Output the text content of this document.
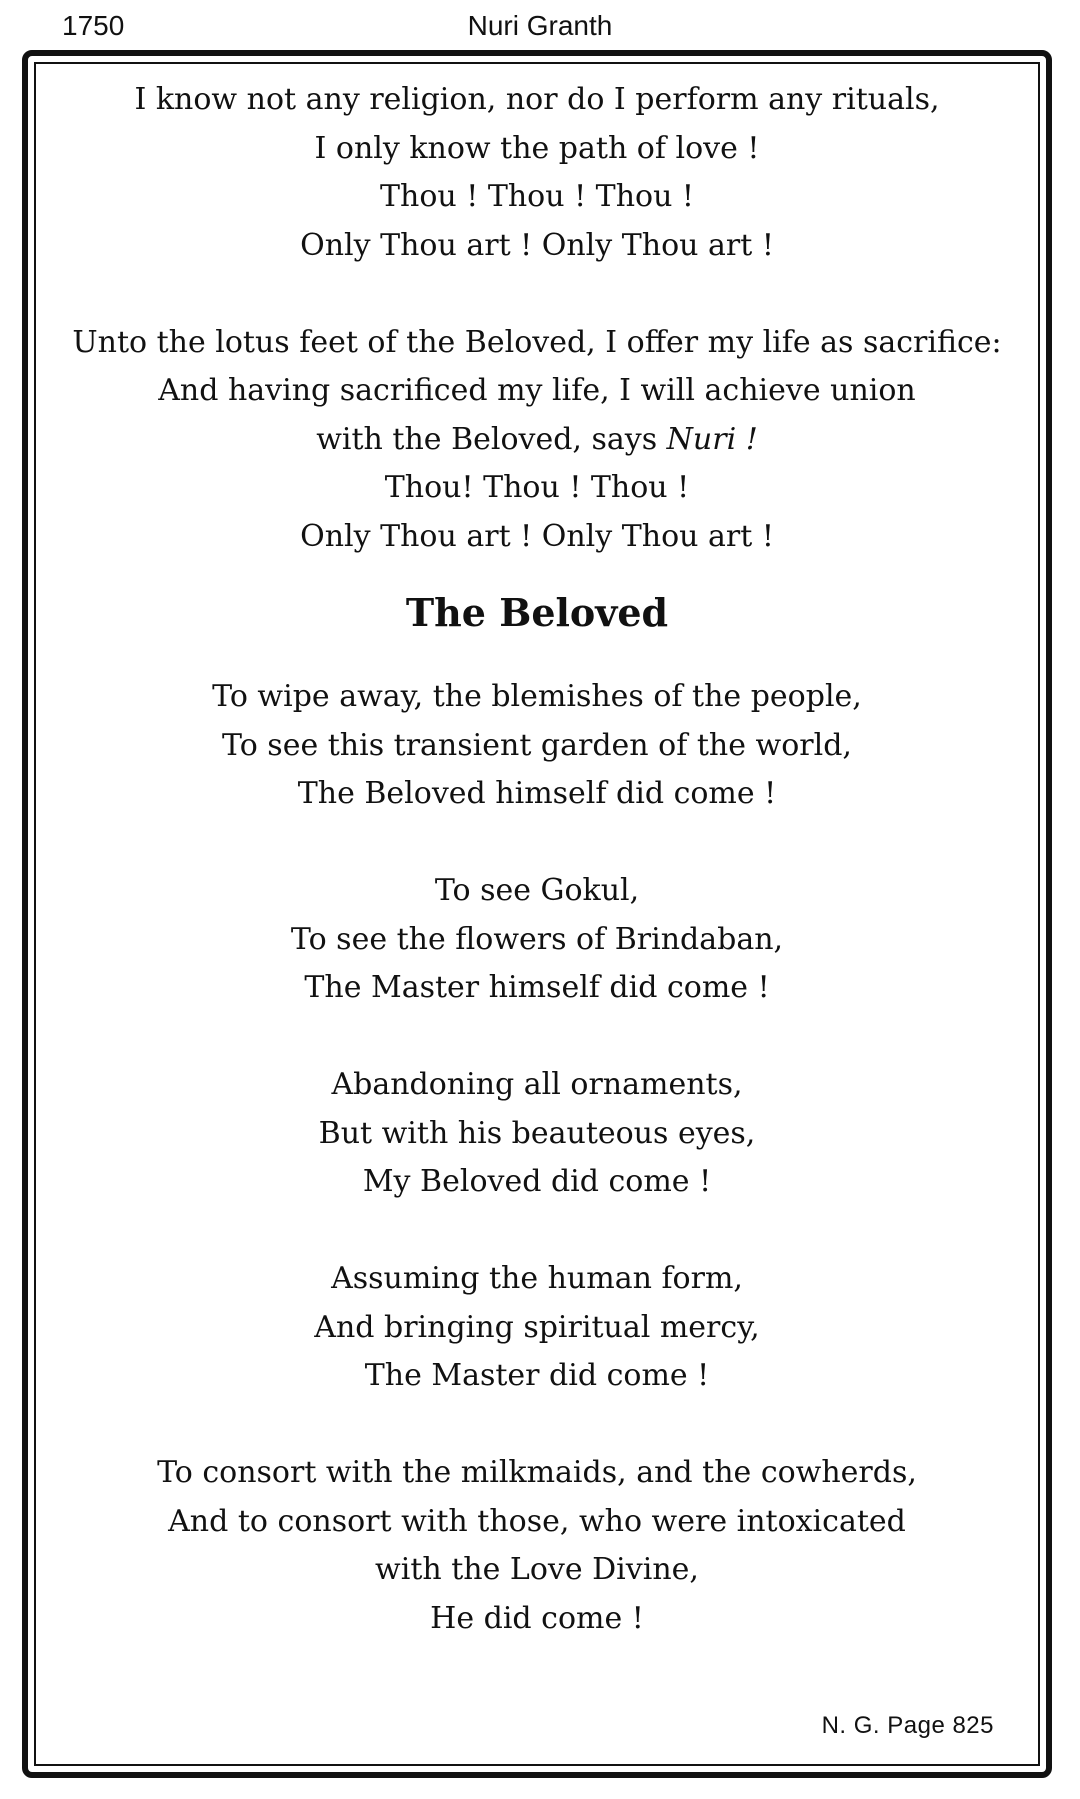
1750	Nuri Granth
I know not any religion, nor do I perform any rituals,
I only know the path of love !
Thou ! Thou ! Thou !
Only Thou art ! Only Thou art !
Unto the lotus feet of the Beloved, I offer my life as sacrifice:
And having sacrificed my life, I will achieve union
with the Beloved, says Nuri !
Thou! Thou ! Thou !
Only Thou art ! Only Thou art !
The Beloved
To wipe away, the blemishes of the people,
To see this transient garden of the world,
The Beloved himself did come !
To see Gokul,
To see the flowers of Brindaban,
The Master himself did come !
Abandoning all ornaments,
But with his beauteous eyes,
My Beloved did come !
Assuming the human form,
And bringing spiritual mercy,
The Master did come !
To consort with the milkmaids, and the cowherds,
And to consort with those, who were intoxicated
with the Love Divine,
He did come !
N. G. Page 825
